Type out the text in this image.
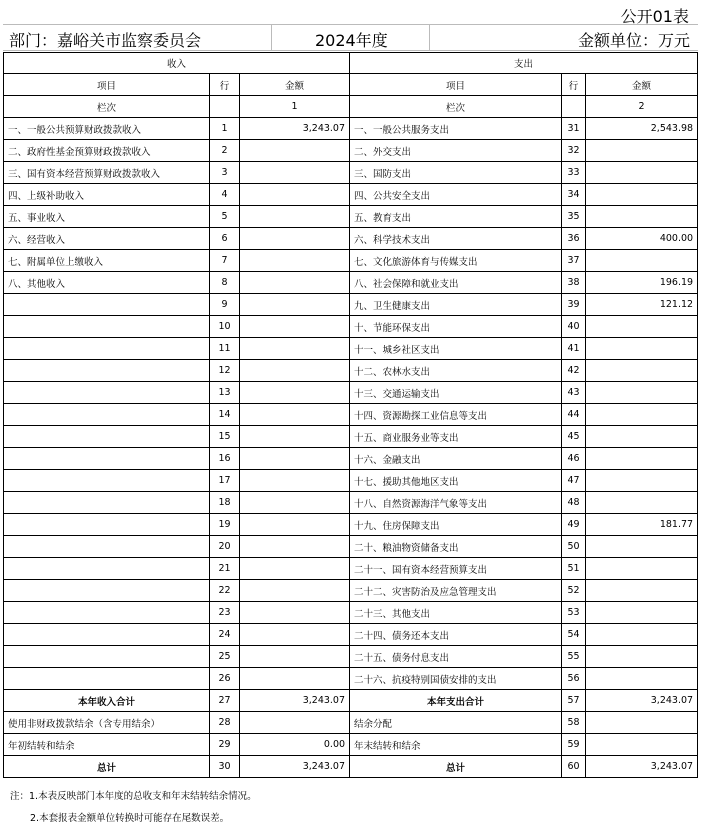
公开01表
部门：嘉峪关市监察委员会	2024年度	金额单位：万元
收入			支出		
项目	行	金额	项目	行	金额
栏次		1	栏次		2
一、一般公共预算财政拨款收入	1	3,243.07	一、一般公共服务支出	31	2,543.98
二、政府性基金预算财政拨款收入	2		二、外交支出	32	
三、国有资本经营预算财政拨款收入	3		三、国防支出	33	
四、上级补助收入	4		四、公共安全支出	34	
五、事业收入	5		五、教育支出	35	
六、经营收入	6		六、科学技术支出	36	400.00
七、附属单位上缴收入	7		七、文化旅游体育与传媒支出	37	
八、其他收入	8		八、社会保障和就业支出	38	196.19
	9		九、卫生健康支出	39	121.12
	10		十、节能环保支出	40	
	11		十一、城乡社区支出	41	
	12		十二、农林水支出	42	
	13		十三、交通运输支出	43	
	14		十四、资源勘探工业信息等支出	44	
	15		十五、商业服务业等支出	45	
	16		十六、金融支出	46	
	17		十七、援助其他地区支出	47	
	18		十八、自然资源海洋气象等支出	48	
	19		十九、住房保障支出	49	181.77
	20		二十、粮油物资储备支出	50	
	21		二十一、国有资本经营预算支出	51	
	22		二十二、灾害防治及应急管理支出	52	
	23		二十三、其他支出	53	
	24		二十四、债务还本支出	54	
	25		二十五、债务付息支出	55	
	26		二十六、抗疫特别国债安排的支出	56	
本年收入合计	27	3,243.07	本年支出合计	57	3,243.07
使用非财政拨款结余（含专用结余）	28		结余分配	58	
年初结转和结余	29	0.00	年末结转和结余	59	
总计	30	3,243.07	总计	60	3,243.07
注：1.本表反映部门本年度的总收支和年末结转结余情况。
2.本套报表金额单位转换时可能存在尾数误差。
